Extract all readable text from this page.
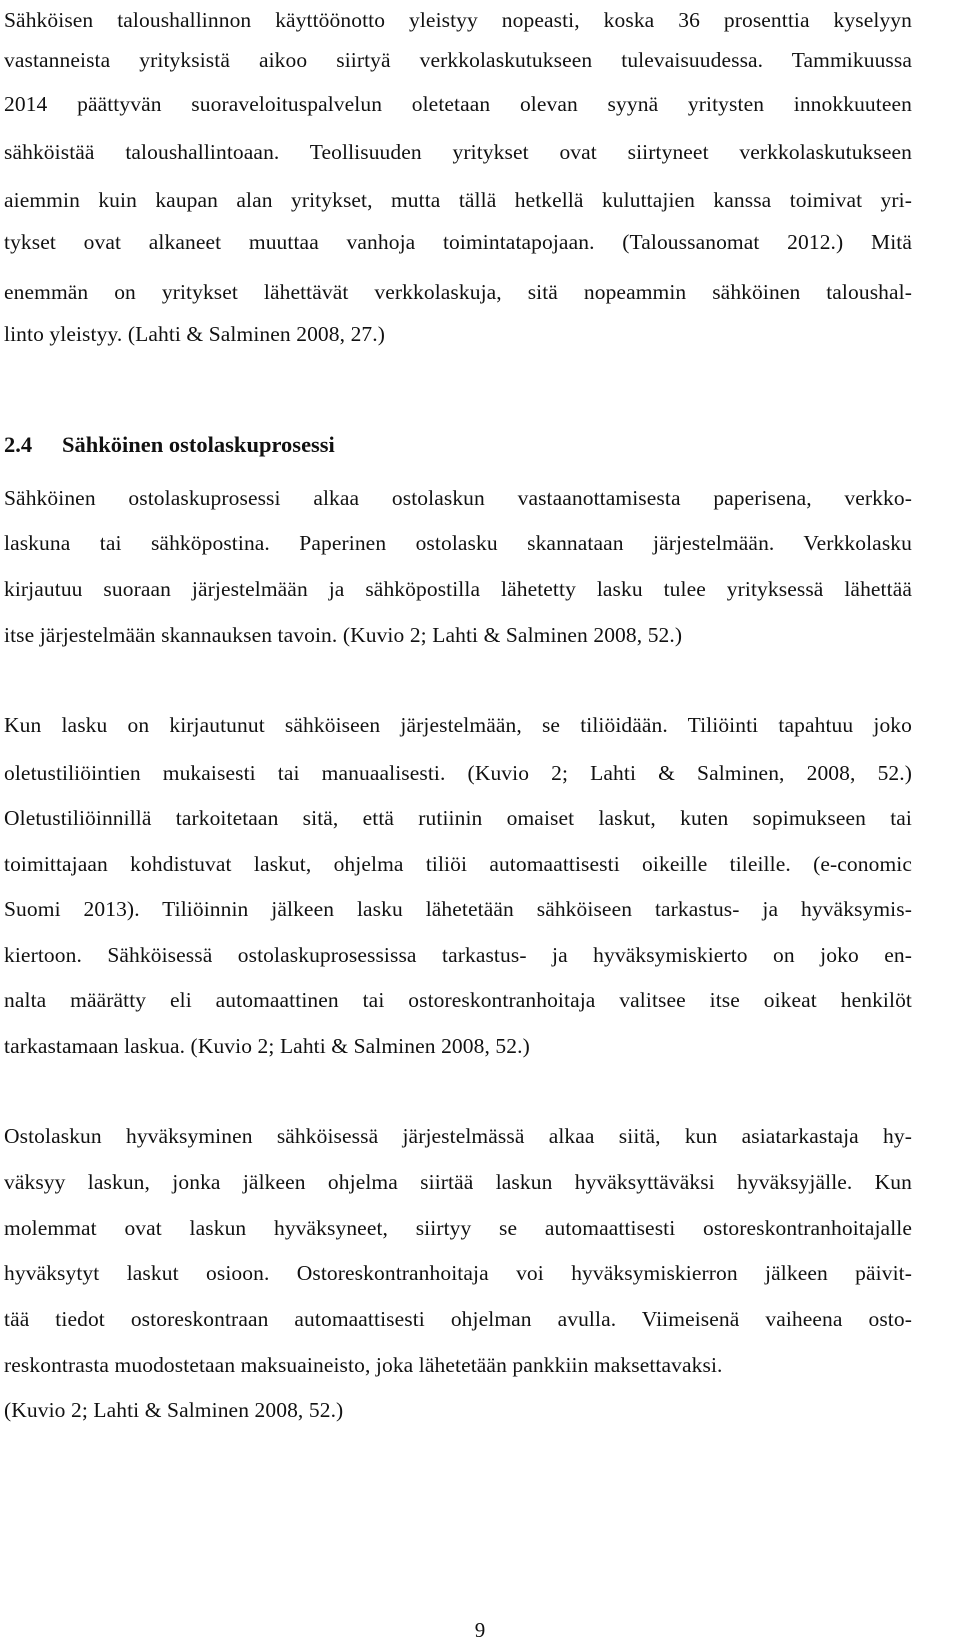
Sähköisen taloushallinnon käyttöönotto yleistyy nopeasti, koska 36 prosenttia kyselyyn
vastanneista yrityksistä aikoo siirtyä verkkolaskutukseen tulevaisuudessa. Tammikuussa
2014 päättyvän suoraveloituspalvelun oletetaan olevan syynä yritysten innokkuuteen
sähköistää taloushallintoaan. Teollisuuden yritykset ovat siirtyneet verkkolaskutukseen
aiemmin kuin kaupan alan yritykset, mutta tällä hetkellä kuluttajien kanssa toimivat yri-
tykset ovat alkaneet muuttaa vanhoja toimintatapojaan. (Taloussanomat 2012.) Mitä
enemmän on yritykset lähettävät verkkolaskuja, sitä nopeammin sähköinen taloushal-
linto yleistyy. (Lahti & Salminen 2008, 27.)
2.4 Sähköinen ostolaskuprosessi
Sähköinen ostolaskuprosessi alkaa ostolaskun vastaanottamisesta paperisena, verkko-
laskuna tai sähköpostina. Paperinen ostolasku skannataan järjestelmään. Verkkolasku
kirjautuu suoraan järjestelmään ja sähköpostilla lähetetty lasku tulee yrityksessä lähettää
itse järjestelmään skannauksen tavoin. (Kuvio 2; Lahti & Salminen 2008, 52.)
Kun lasku on kirjautunut sähköiseen järjestelmään, se tiliöidään. Tiliöinti tapahtuu joko
oletustiliöintien mukaisesti tai manuaalisesti. (Kuvio 2; Lahti & Salminen, 2008, 52.)
Oletustiliöinnillä tarkoitetaan sitä, että rutiinin omaiset laskut, kuten sopimukseen tai
toimittajaan kohdistuvat laskut, ohjelma tiliöi automaattisesti oikeille tileille. (e-conomic
Suomi 2013). Tiliöinnin jälkeen lasku lähetetään sähköiseen tarkastus- ja hyväksymis-
kiertoon. Sähköisessä ostolaskuprosessissa tarkastus- ja hyväksymiskierto on joko en-
nalta määrätty eli automaattinen tai ostoreskontranhoitaja valitsee itse oikeat henkilöt
tarkastamaan laskua. (Kuvio 2; Lahti & Salminen 2008, 52.)
Ostolaskun hyväksyminen sähköisessä järjestelmässä alkaa siitä, kun asiatarkastaja hy-
väksyy laskun, jonka jälkeen ohjelma siirtää laskun hyväksyttäväksi hyväksyjälle. Kun
molemmat ovat laskun hyväksyneet, siirtyy se automaattisesti ostoreskontranhoitajalle
hyväksytyt laskut osioon. Ostoreskontranhoitaja voi hyväksymiskierron jälkeen päivit-
tää tiedot ostoreskontraan automaattisesti ohjelman avulla. Viimeisenä vaiheena osto-
reskontrasta muodostetaan maksuaineisto, joka lähetetään pankkiin maksettavaksi.
(Kuvio 2; Lahti & Salminen 2008, 52.)
9
